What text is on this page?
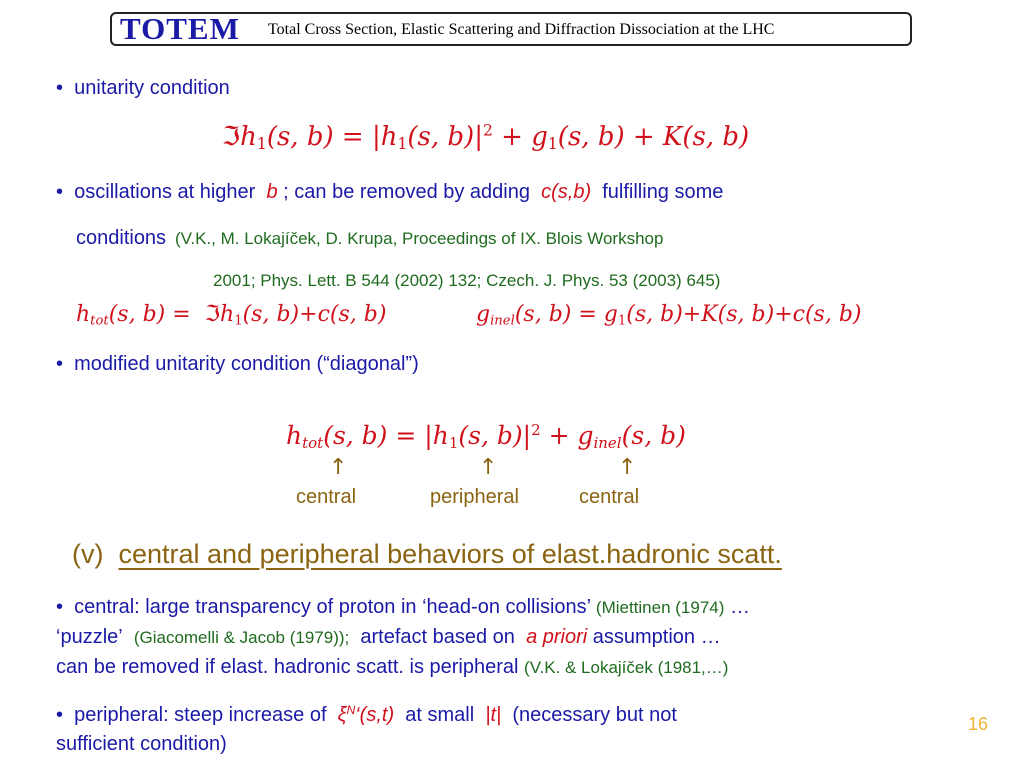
TOTEM Total Cross Section, Elastic Scattering and Diffraction Dissociation at the LHC
•  unitarity condition
ℑh$_1$(s, $b) = |h_1(s$, $b)|^2 + g_1(s$, b) + K(s, b)
•  oscillations at higher b ; can be removed by adding c(s,b) fulfilling some
conditions (V.K., M. Lokajíček, D. Krupa, Proceedings of IX. Blois Workshop
2001; Phys. Lett. B 544 (2002) 132; Czech. J. Phys. 53 (2003) 645)
$h_{tot}(s$, b) = ℑh$_1$(s, b)+c(s, b)	$g_{inel}(s$, $b) = g_1(s$, b)+K(s, b)+c(s, b)
•  modified unitarity condition (“diagonal”)
$h_{tot}(s$, $b) = |h_1(s$, $b)|^2 + g_{inel}(s$, b)
↑	↑	↑
central	peripheral	central
(v) central and peripheral behaviors of elast.hadronic scatt.
•  central: large transparency of proton in ‘head-on collisions’ (Miettinen (1974) …
‘puzzle’ (Giacomelli & Jacob (1979)); artefact based on a priori assumption …
can be removed if elast. hadronic scatt. is peripheral (V.K. & Lokajíček (1981,…)
•  peripheral: steep increase of $\xi^N‘(s,t)$ at small |t| (necessary but not
sufficient condition)
16
